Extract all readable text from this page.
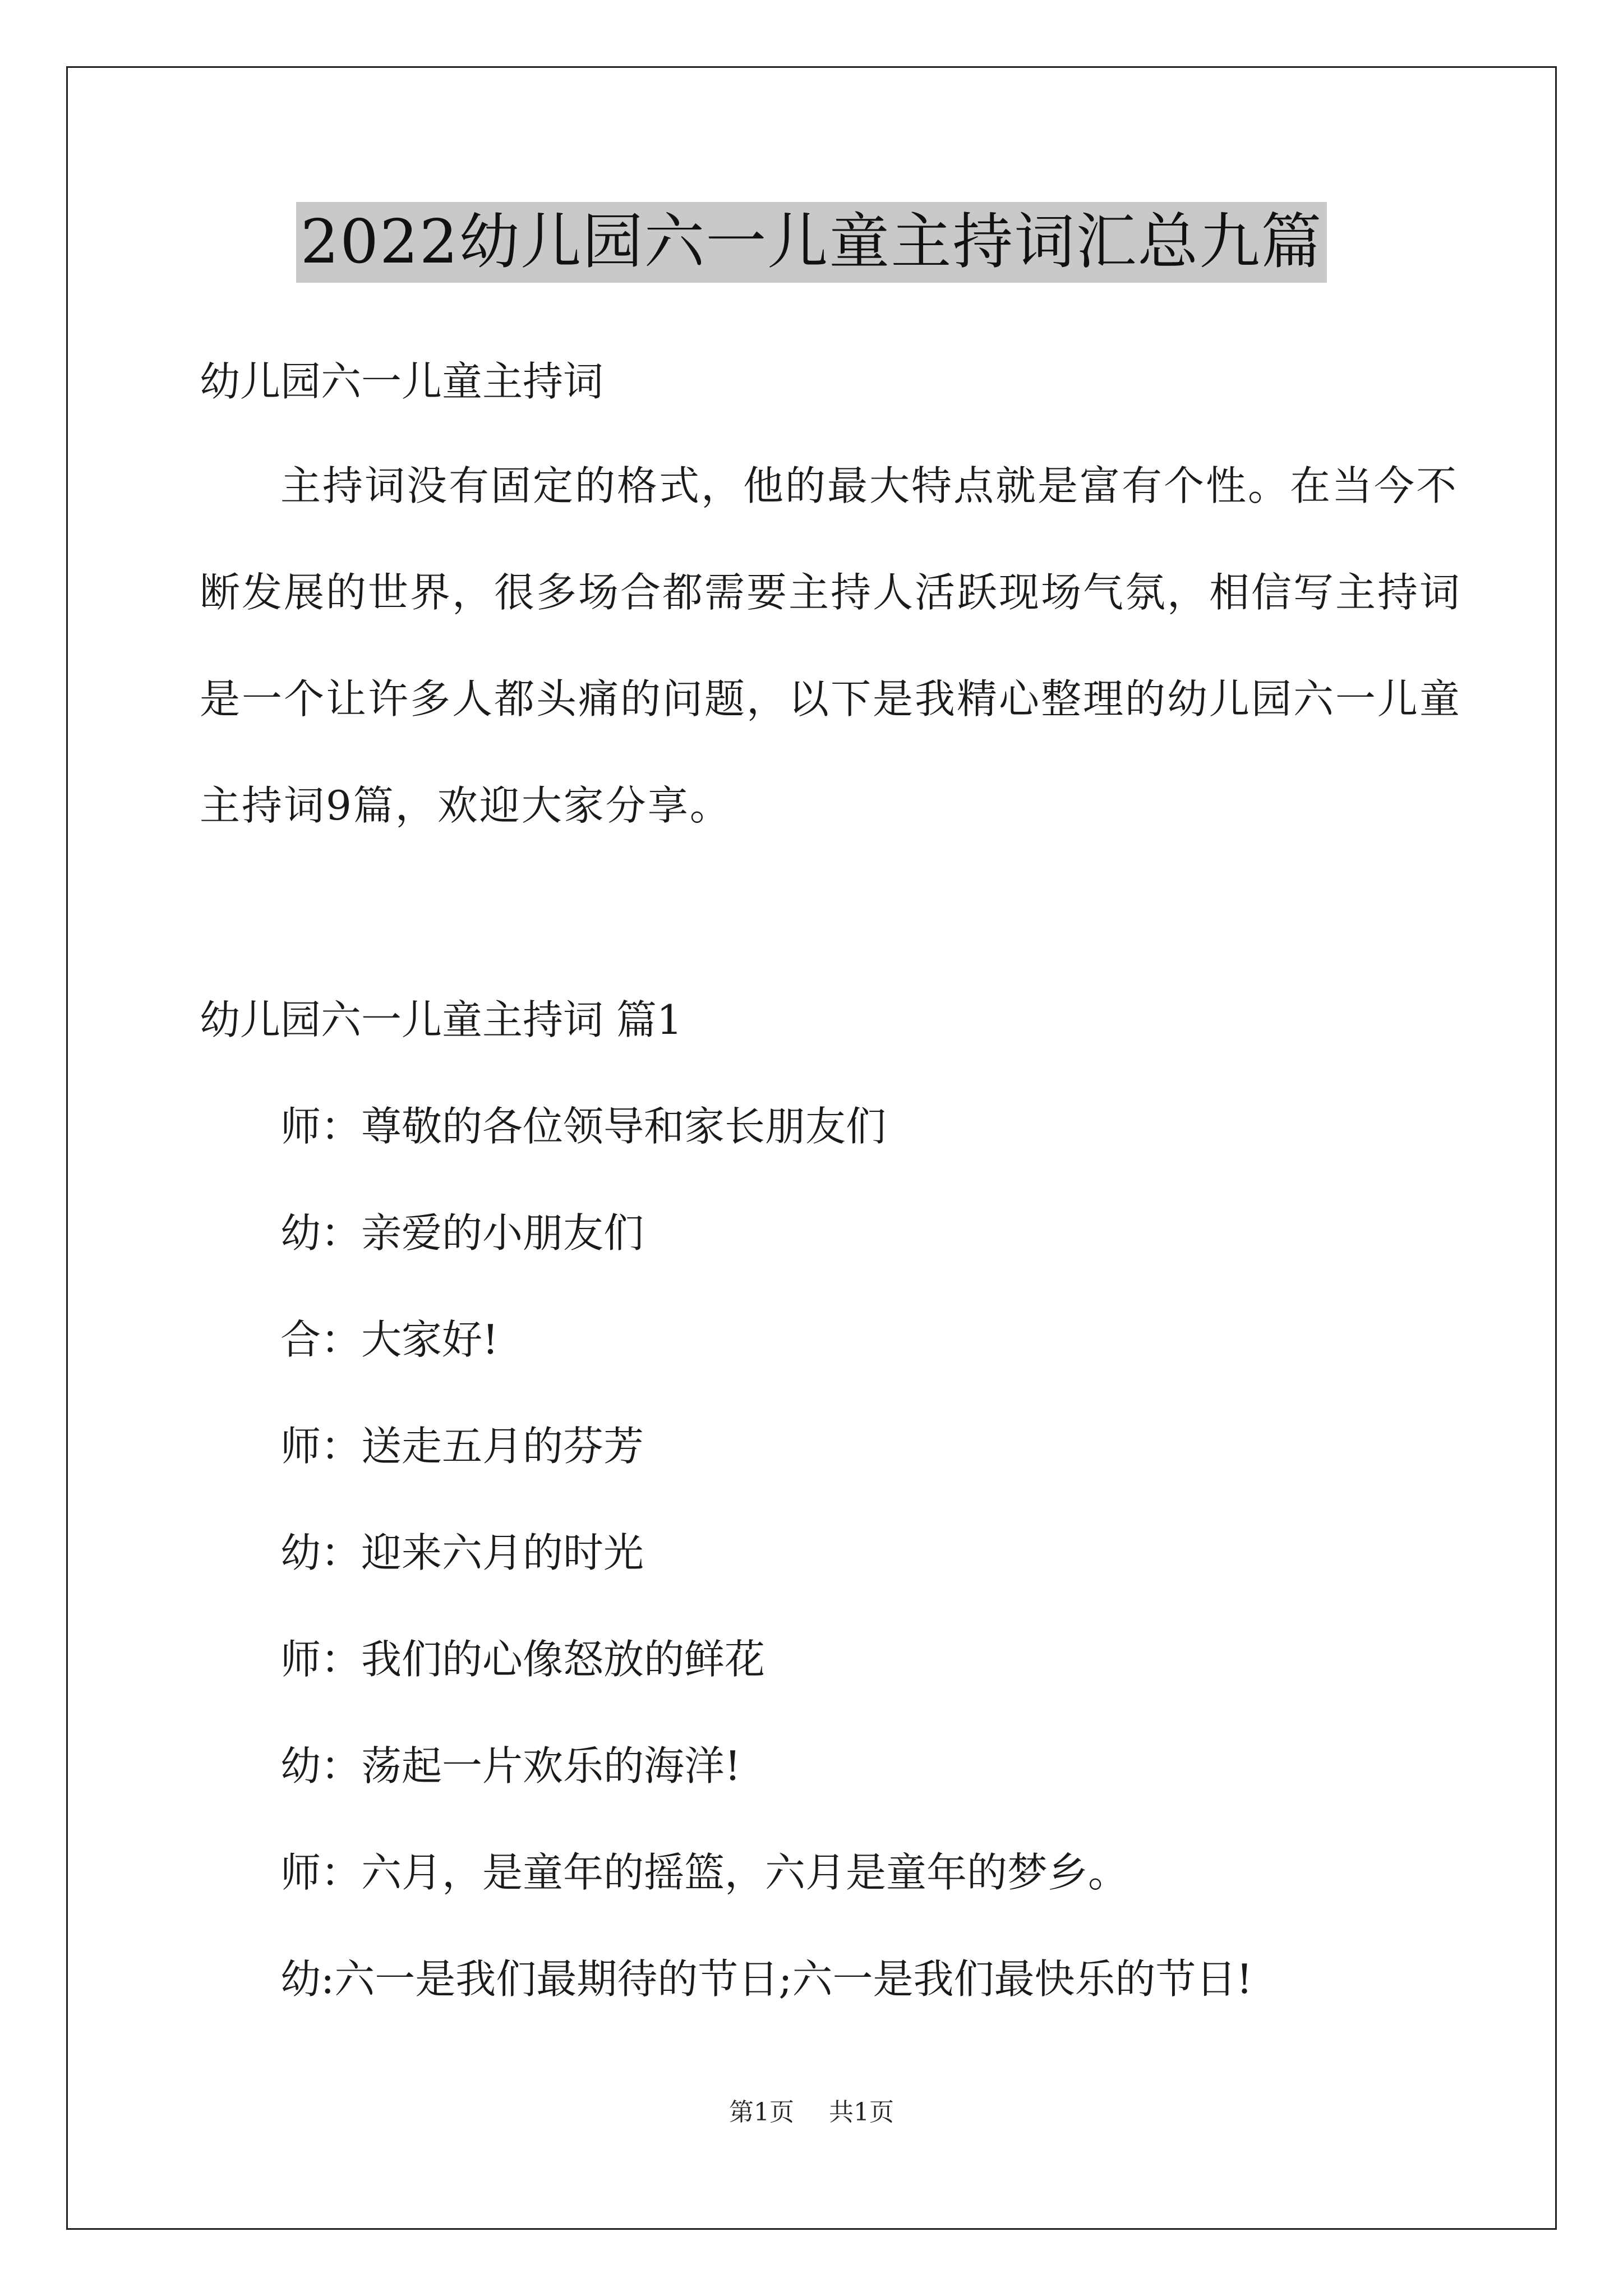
2022幼儿园六一儿童主持词汇总九篇
幼儿园六一儿童主持词
主持词没有固定的格式，他的最大特点就是富有个性。在当今不
断发展的世界，很多场合都需要主持人活跃现场气氛，相信写主持词
是一个让许多人都头痛的问题，以下是我精心整理的幼儿园六一儿童
主持词9篇，欢迎大家分享。
幼儿园六一儿童主持词 篇1
师：尊敬的各位领导和家长朋友们
幼：亲爱的小朋友们
合：大家好!
师：送走五月的芬芳
幼：迎来六月的时光
师：我们的心像怒放的鲜花
幼：荡起一片欢乐的海洋!
师：六月，是童年的摇篮，六月是童年的梦乡。
幼:六一是我们最期待的节日;六一是我们最快乐的节日!
第1页 共1页
